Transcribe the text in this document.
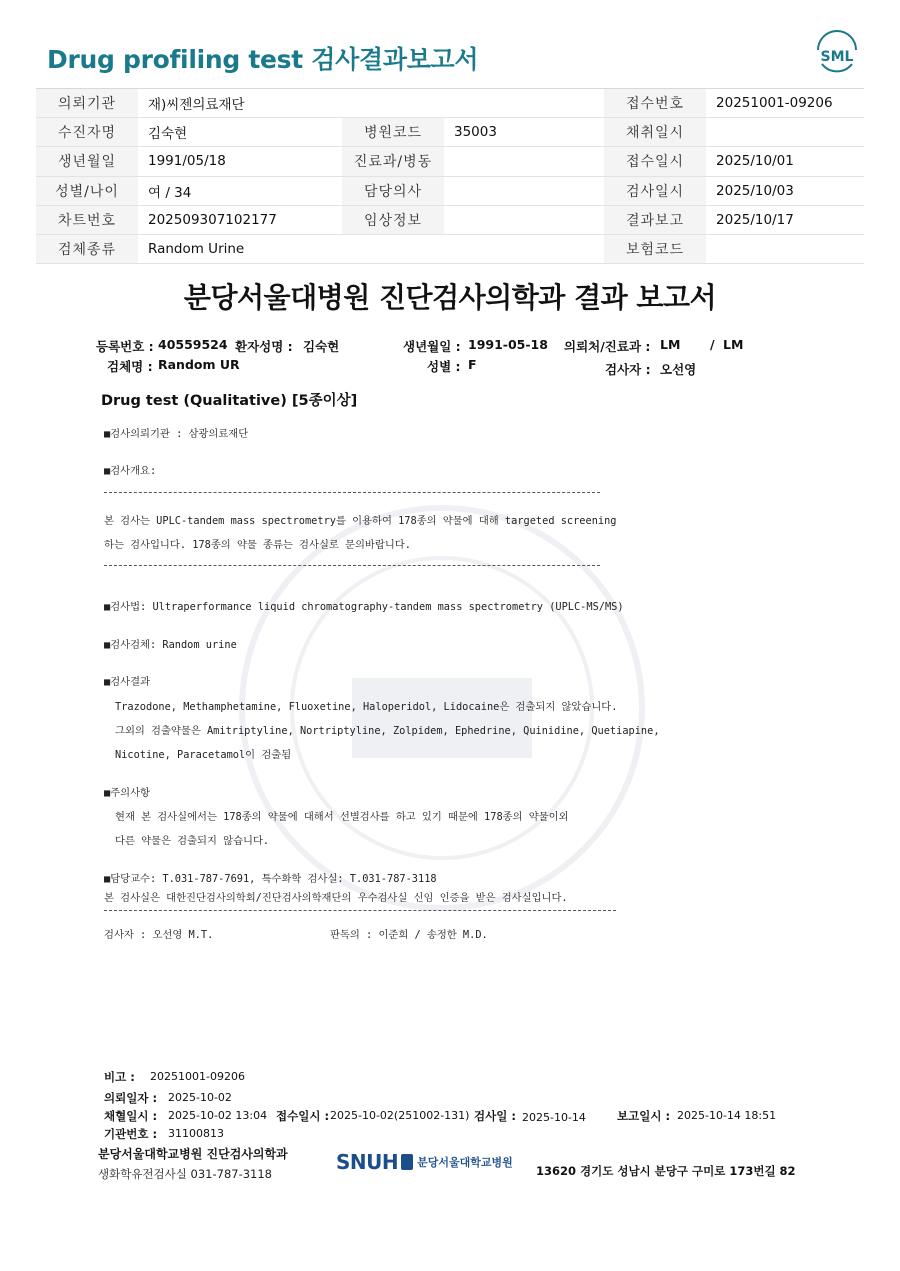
Drug profiling test 검사결과보고서	SML
의뢰기관	재)씨젠의료재단			접수번호	20251001-09206
수진자명	김숙현	병원코드	35003	채취일시	
생년월일	1991/05/18	진료과/병동		접수일시	2025/10/01
성별/나이	여 / 34	담당의사		검사일시	2025/10/03
차트번호	202509307102177	임상정보		결과보고	2025/10/17
검체종류	Random Urine			보험코드	
분당서울대병원 진단검사의학과 결과 보고서
등록번호 : 40559524 환자성명 : 김숙현	생년월일 : 1991-05-18 의뢰처/진료과 : LM / LM
검체명 : Random UR	성별 : F	검사자 : 오선영
Drug test (Qualitative) [5종이상]
■검사의뢰기관 : 삼광의료재단
■검사개요:
본 검사는 UPLC-tandem mass spectrometry를 이용하여 178종의 약물에 대해 targeted screening
하는 검사입니다. 178종의 약물 종류는 검사실로 문의바랍니다.
■검사법: Ultraperformance liquid chromatography-tandem mass spectrometry (UPLC-MS/MS)
■검사검체: Random urine
■검사결과
Trazodone, Methamphetamine, Fluoxetine, Haloperidol, Lidocaine은 검출되지 않았습니다.
그외의 검출약물은 Amitriptyline, Nortriptyline, Zolpidem, Ephedrine, Quinidine, Quetiapine,
Nicotine, Paracetamol이 검출됨
■주의사항
현재 본 검사실에서는 178종의 약물에 대해서 선별검사를 하고 있기 때문에 178종의 약물이외
다른 약물은 검출되지 않습니다.
■담당교수: T.031-787-7691, 특수화학 검사실: T.031-787-3118
본 검사실은 대한진단검사의학회/진단검사의학재단의 우수검사실 신임 인증을 받은 검사실입니다.
검사자 : 오선영 M.T.	판독의 : 이준희 / 송정한 M.D.
비고 : 20251001-09206
의뢰일자 : 2025-10-02
채혈일시 : 2025-10-02 13:04 접수일시 : 2025-10-02(251002-131) 검사일 : 2025-10-14	보고일시 : 2025-10-14 18:51
기관번호 : 31100813
분당서울대학교병원 진단검사의학과
생화학유전검사실 031-787-3118	SNUH 분당서울대학교병원
13620 경기도 성남시 분당구 구미로 173번길 82
